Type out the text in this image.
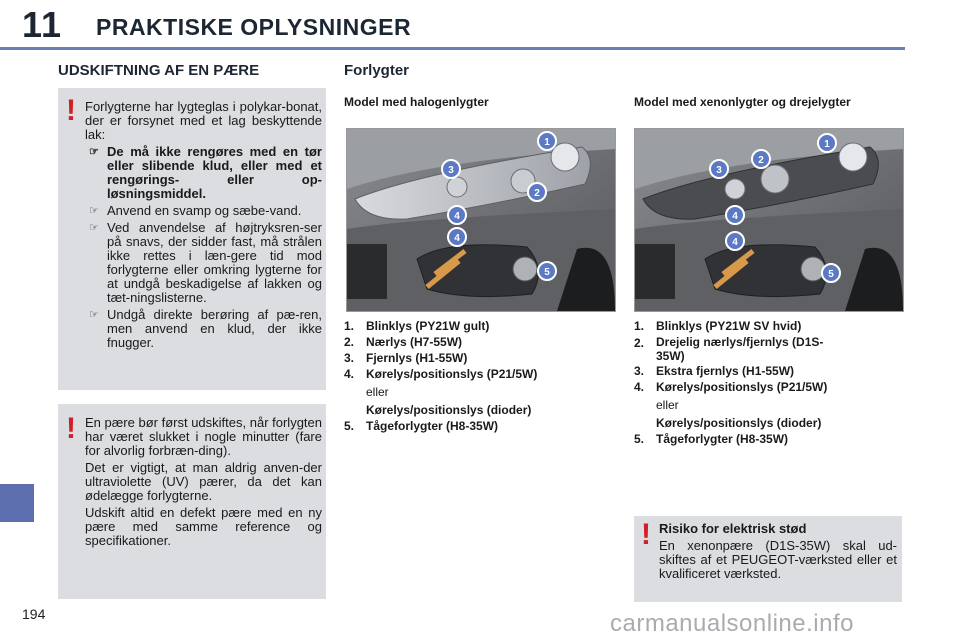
11 PRAKTISKE OPLYSNINGER
194
UDSKIFTNING AF EN PÆRE
! Forlygterne har lygteglas i polykar-bonat, der er forsynet med et lag beskyttende lak:

☞ De må ikke rengøres med en tør eller slibende klud, eller med et rengørings- eller op-løsningsmiddel.
☞ Anvend en svamp og sæbe-vand.
☞ Ved anvendelse af højtryksren-ser på snavs, der sidder fast, må strålen ikke rettes i læn-gere tid mod forlygterne eller omkring lygterne for at undgå beskadigelse af lakken og tæt-ningslisterne.
☞ Undgå direkte berøring af pæ-ren, men anvend en klud, der ikke fnugger.
! En pære bør først udskiftes, når forlygten har været slukket i nogle minutter (fare for alvorlig forbræn-ding).

Det er vigtigt, at man aldrig anven-der ultraviolette (UV) pærer, da det kan ødelægge forlygterne.

Udskift altid en defekt pære med en ny pære med samme reference og specifikationer.

Forlygter
Model med halogenlygter	Model med xenonlygter og drejelygter
1
2
3
4
4
5
1
2
3
4
4
5
1. Blinklys (PY21W gult)
2. Nærlys (H7-55W)
3. Fjernlys (H1-55W)
4. Kørelys/positionslys (P21/5W)
eller
Kørelys/positionslys (dioder)
5. Tågeforlygter (H8-35W)
1. Blinklys (PY21W SV hvid)
2. Drejelig nærlys/fjernlys (D1S-35W)
3. Ekstra fjernlys (H1-55W)
4. Kørelys/positionslys (P21/5W)
eller
Kørelys/positionslys (dioder)
5. Tågeforlygter (H8-35W)
! Risiko for elektrisk stød

En xenonpære (D1S-35W) skal ud-skiftes af et PEUGEOT-værksted eller et kvalificeret værksted.

carmanualsonline.info
